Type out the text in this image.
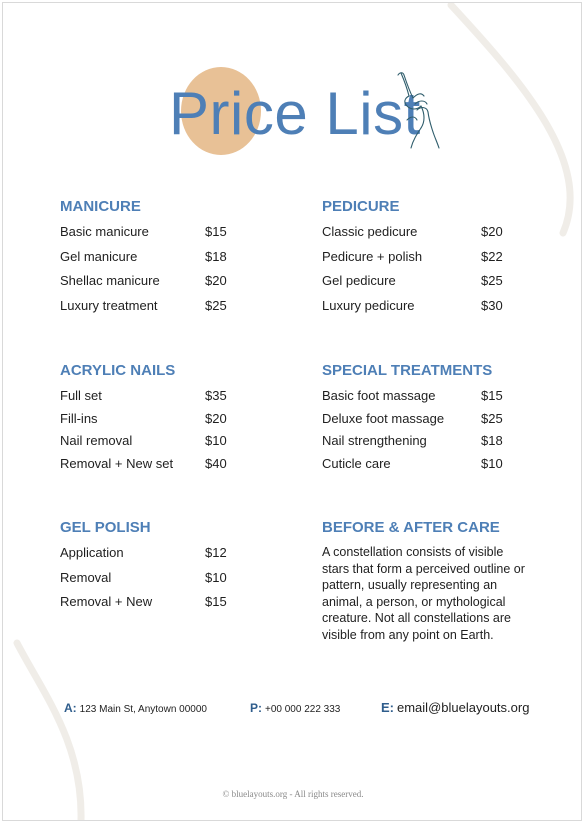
Price List
MANICURE
Basic manicure	$15
Gel manicure	$18
Shellac manicure	$20
Luxury treatment	$25
PEDICURE
Classic pedicure	$20
Pedicure + polish	$22
Gel pedicure	$25
Luxury pedicure	$30
ACRYLIC NAILS
Full set	$35
Fill-ins	$20
Nail removal	$10
Removal + New set $40
SPECIAL TREATMENTS
Basic foot massage	$15
Deluxe foot massage	$25
Nail strengthening	$18
Cuticle care	$10
GEL POLISH
Application	$12
Removal	$10
Removal + New	$15
BEFORE & AFTER CARE
A constellation consists of visible stars that form a perceived outline or pattern, usually representing an animal, a person, or mythological creature. Not all constellations are visible from any point on Earth.
A: 123 Main St, Anytown 00000	P: +00 000 222 333	E: email@bluelayouts.org
© bluelayouts.org - All rights reserved.
